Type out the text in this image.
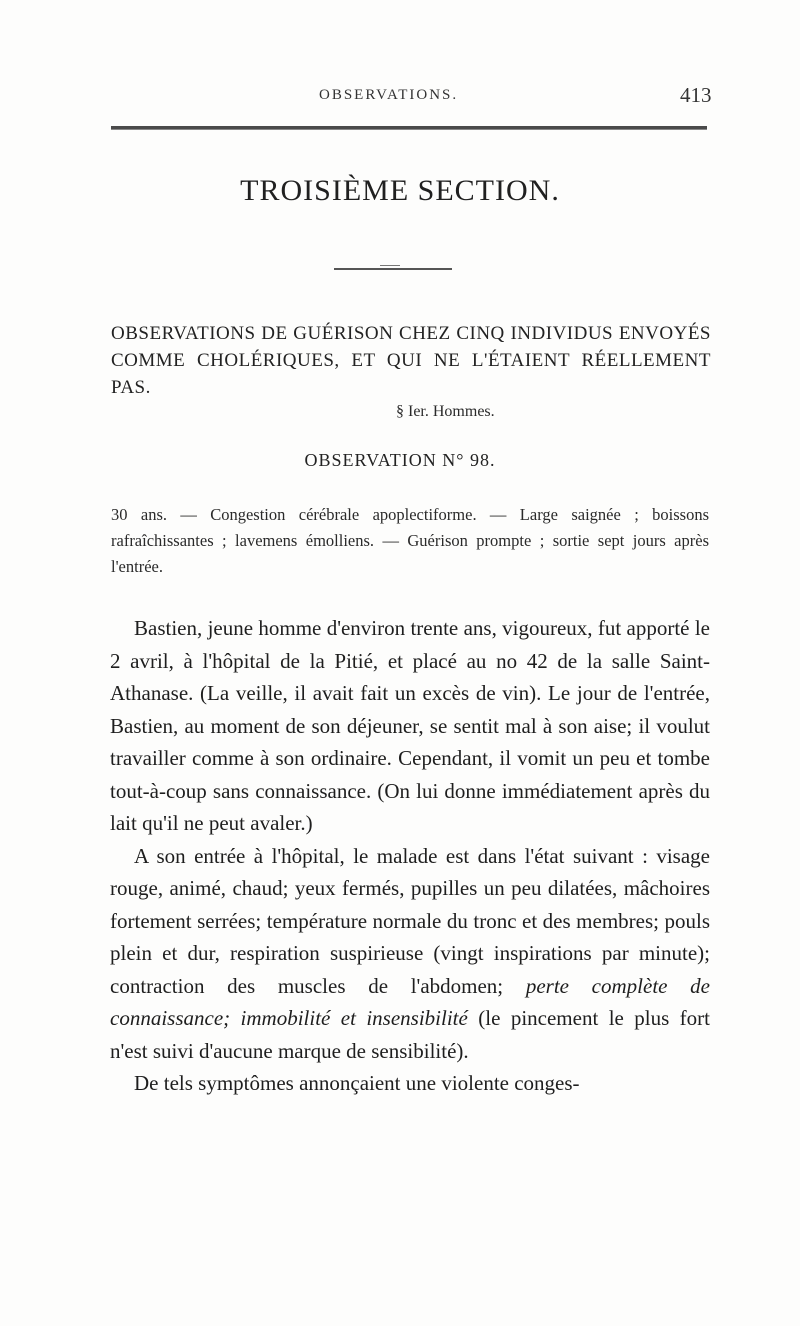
OBSERVATIONS.	413
TROISIÈME SECTION.
OBSERVATIONS DE GUÉRISON CHEZ CINQ INDIVIDUS ENVOYÉS COMME CHOLÉRIQUES, ET QUI NE L'ÉTAIENT RÉELLEMENT PAS.
§ Ier. Hommes.
OBSERVATION N° 98.
30 ans. — Congestion cérébrale apoplectiforme. — Large saignée ; boissons rafraîchissantes ; lavemens émolliens. — Guérison prompte ; sortie sept jours après l'entrée.

Bastien, jeune homme d'environ trente ans, vigoureux, fut apporté le 2 avril, à l'hôpital de la Pitié, et placé au no 42 de la salle Saint-Athanase. (La veille, il avait fait un excès de vin). Le jour de l'entrée, Bastien, au moment de son déjeuner, se sentit mal à son aise; il voulut travailler comme à son ordinaire. Cependant, il vomit un peu et tombe tout-à-coup sans connaissance. (On lui donne immédiatement après du lait qu'il ne peut avaler.)

A son entrée à l'hôpital, le malade est dans l'état suivant : visage rouge, animé, chaud; yeux fermés, pupilles un peu dilatées, mâchoires fortement serrées; température normale du tronc et des membres; pouls plein et dur, respiration suspirieuse (vingt inspirations par minute); contraction des muscles de l'abdomen; perte complète de connaissance; immobilité et insensibilité (le pincement le plus fort n'est suivi d'aucune marque de sensibilité).

De tels symptômes annonçaient une violente conges-
